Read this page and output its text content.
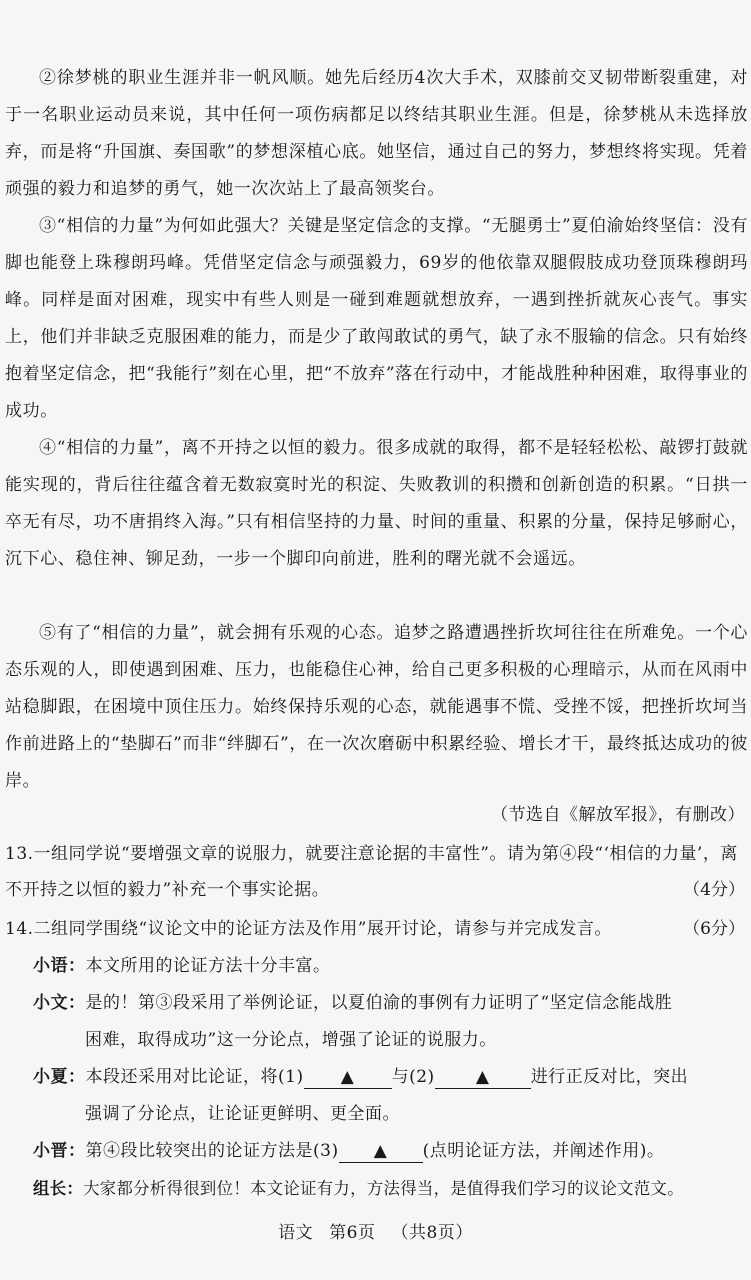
②徐梦桃的职业生涯并非一帆风顺。她先后经历4次大手术，双膝前交叉韧带断裂重建，对于一名职业运动员来说，其中任何一项伤病都足以终结其职业生涯。但是，徐梦桃从未选择放弃，而是将“升国旗、奏国歌”的梦想深植心底。她坚信，通过自己的努力，梦想终将实现。凭着顽强的毅力和追梦的勇气，她一次次站上了最高领奖台。
③“相信的力量”为何如此强大？关键是坚定信念的支撑。“无腿勇士”夏伯渝始终坚信：没有脚也能登上珠穆朗玛峰。凭借坚定信念与顽强毅力，69岁的他依靠双腿假肢成功登顶珠穆朗玛峰。同样是面对困难，现实中有些人则是一碰到难题就想放弃，一遇到挫折就灰心丧气。事实上，他们并非缺乏克服困难的能力，而是少了敢闯敢试的勇气，缺了永不服输的信念。只有始终抱着坚定信念，把“我能行”刻在心里，把“不放弃”落在行动中，才能战胜种种困难，取得事业的成功。
④“相信的力量”，离不开持之以恒的毅力。很多成就的取得，都不是轻轻松松、敲锣打鼓就能实现的，背后往往蕴含着无数寂寞时光的积淀、失败教训的积攒和创新创造的积累。“日拱一卒无有尽，功不唐捐终入海。”只有相信坚持的力量、时间的重量、积累的分量，保持足够耐心，沉下心、稳住神、铆足劲，一步一个脚印向前进，胜利的曙光就不会遥远。
⑤有了“相信的力量”，就会拥有乐观的心态。追梦之路遭遇挫折坎坷往往在所难免。一个心态乐观的人，即使遇到困难、压力，也能稳住心神，给自己更多积极的心理暗示，从而在风雨中站稳脚跟，在困境中顶住压力。始终保持乐观的心态，就能遇事不慌、受挫不馁，把挫折坎坷当作前进路上的“垫脚石”而非“绊脚石”，在一次次磨砺中积累经验、增长才干，最终抵达成功的彼岸。
（节选自《解放军报》，有删改）
13.一组同学说“要增强文章的说服力，就要注意论据的丰富性”。请为第④段“‘相信的力量’，离不开持之以恒的毅力”补充一个事实论据。	（4分）
14.二组同学围绕“议论文中的论证方法及作用”展开讨论，请参与并完成发言。	（6分）
小语：本文所用的论证方法十分丰富。
小文：是的！第③段采用了举例论证，以夏伯渝的事例有力证明了“坚定信念能战胜
困难，取得成功”这一分论点，增强了论证的说服力。
小夏：本段还采用对比论证，将(1) ▲ 与(2) ▲ 进行正反对比，突出
强调了分论点，让论证更鲜明、更全面。
小晋：第④段比较突出的论证方法是(3) ▲ (点明论证方法，并阐述作用)。
组长：大家都分析得很到位！本文论证有力，方法得当，是值得我们学习的议论文范文。
语文 第6页 （共8页）
